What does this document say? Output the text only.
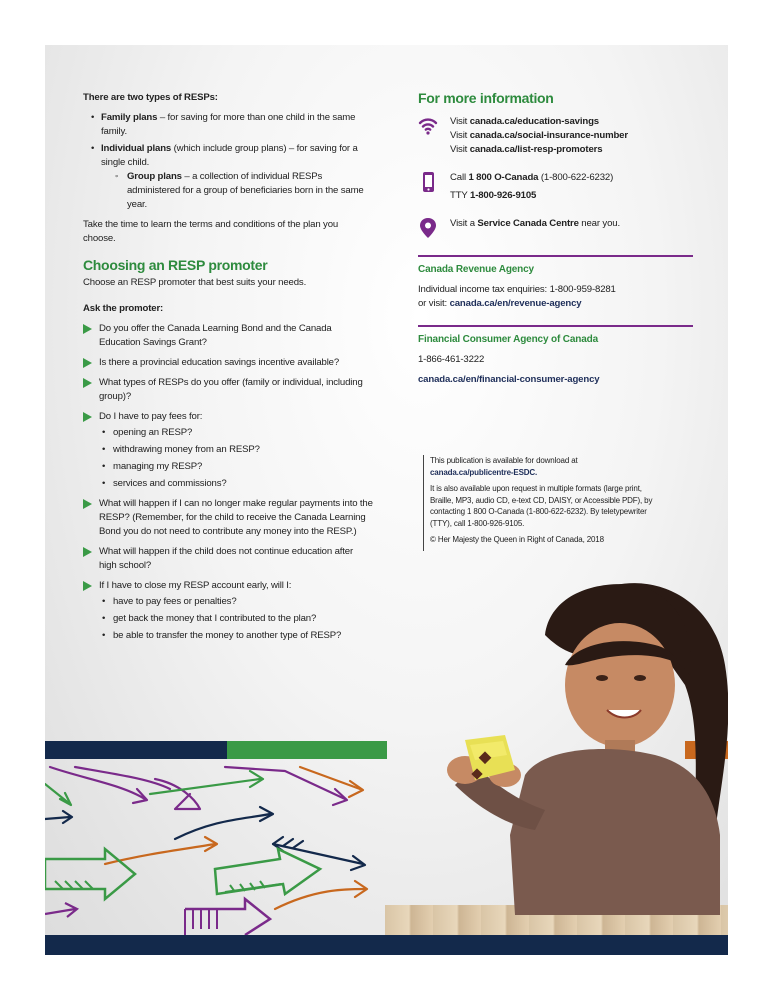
There are two types of RESPs:

• Family plans – for saving for more than one child in the same family.
• Individual plans (which include group plans) – for saving for a single child.
◦ Group plans – a collection of individual RESPs administered for a group of beneficiaries born in the same year.

Take the time to learn the terms and conditions of the plan you choose.

Choosing an RESP promoter

Choose an RESP promoter that best suits your needs.

Ask the promoter:

Do you offer the Canada Learning Bond and the Canada Education Savings Grant?
Is there a provincial education savings incentive available?
What types of RESPs do you offer (family or individual, including group)?
Do I have to pay fees for:
• opening an RESP?
• withdrawing money from an RESP?
• managing my RESP?
• services and commissions?
What will happen if I can no longer make regular payments into the RESP? (Remember, for the child to receive the Canada Learning Bond you do not need to contribute any money into the RESP.)
What will happen if the child does not continue education after high school?
If I have to close my RESP account early, will I:
• have to pay fees or penalties?
• get back the money that I contributed to the plan?
• be able to transfer the money to another type of RESP?

For more information

Visit canada.ca/education-savings
Visit canada.ca/social-insurance-number
Visit canada.ca/list-resp-promoters
Call 1 800 O-Canada (1-800-622-6232)
TTY 1-800-926-9105
Visit a Service Canada Centre near you.
Canada Revenue Agency
Individual income tax enquiries: 1-800-959-8281
or visit: canada.ca/en/revenue-agency
Financial Consumer Agency of Canada
1-866-461-3222
canada.ca/en/financial-consumer-agency

This publication is available for download at
canada.ca/publicentre-ESDC.

It is also available upon request in multiple formats (large print, Braille, MP3, audio CD, e-text CD, DAISY, or Accessible PDF), by contacting 1 800 O-Canada (1-800-622-6232). By teletypewriter (TTY), call 1-800-926-9105.

© Her Majesty the Queen in Right of Canada, 2018
